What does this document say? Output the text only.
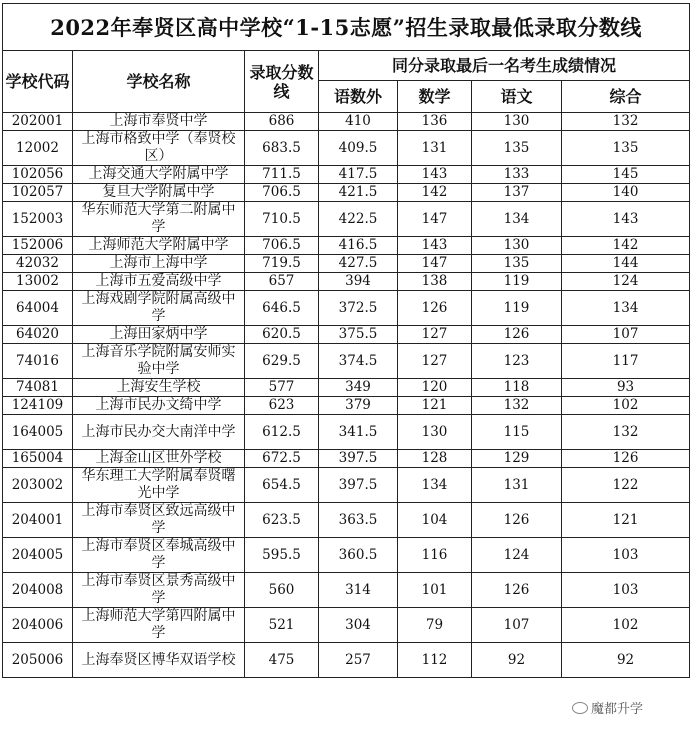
2022年奉贤区高中学校“1-15志愿”招生录取最低录取分数线						
学校代码	学校名称	录取分数线	同分录取最后一名考生成绩情况			
			语数外	数学	语文	综合
202001	上海市奉贤中学	686	410	136	130	132
12002	上海市格致中学（奉贤校区）	683.5	409.5	131	135	135
102056	上海交通大学附属中学	711.5	417.5	143	133	145
102057	复旦大学附属中学	706.5	421.5	142	137	140
152003	华东师范大学第二附属中学	710.5	422.5	147	134	143
152006	上海师范大学附属中学	706.5	416.5	143	130	142
42032	上海市上海中学	719.5	427.5	147	135	144
13002	上海市五爱高级中学	657	394	138	119	124
64004	上海戏剧学院附属高级中学	646.5	372.5	126	119	134
64020	上海田家炳中学	620.5	375.5	127	126	107
74016	上海音乐学院附属安师实验中学	629.5	374.5	127	123	117
74081	上海安生学校	577	349	120	118	93
124109	上海市民办文绮中学	623	379	121	132	102
164005	上海市民办交大南洋中学	612.5	341.5	130	115	132
165004	上海金山区世外学校	672.5	397.5	128	129	126
203002	华东理工大学附属奉贤曙光中学	654.5	397.5	134	131	122
204001	上海市奉贤区致远高级中学	623.5	363.5	104	126	121
204005	上海市奉贤区奉城高级中学	595.5	360.5	116	124	103
204008	上海市奉贤区景秀高级中学	560	314	101	126	103
204006	上海师范大学第四附属中学	521	304	79	107	102
205006	上海奉贤区博华双语学校	475	257	112	92	92
魔都升学
